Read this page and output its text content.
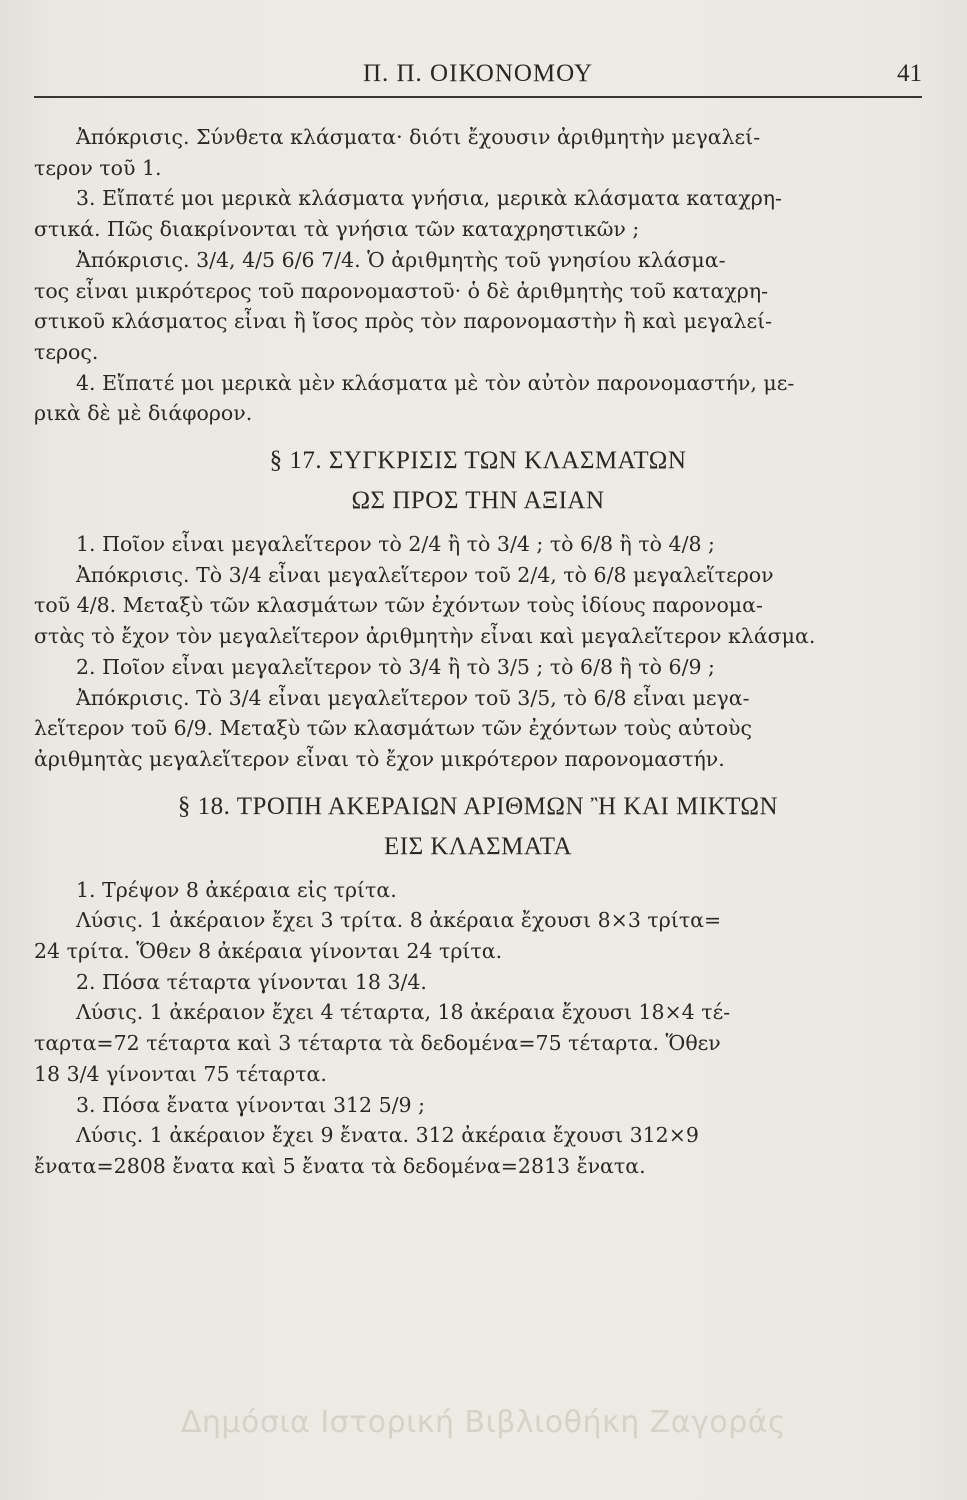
Π. Π. ΟΙΚΟΝΟΜΟΥ	41

Ἀπόκρισις. Σύνθετα κλάσματα· διότι ἔχουσιν ἀριθμητὴν μεγαλεί-

τερον τοῦ 1.

3. Εἴπατέ μοι μερικὰ κλάσματα γνήσια, μερικὰ κλάσματα καταχρη-

στικά. Πῶς διακρίνονται τὰ γνήσια τῶν καταχρηστικῶν ;

Ἀπόκρισις. 3/4, 4/5 6/6 7/4. Ὁ ἀριθμητὴς τοῦ γνησίου κλάσμα-

τος εἶναι μικρότερος τοῦ παρονομαστοῦ· ὁ δὲ ἀριθμητὴς τοῦ καταχρη-

στικοῦ κλάσματος εἶναι ἢ ἴσος πρὸς τὸν παρονομαστὴν ἢ καὶ μεγαλεί-

τερος.

4. Εἴπατέ μοι μερικὰ μὲν κλάσματα μὲ τὸν αὐτὸν παρονομαστήν, με-

ρικὰ δὲ μὲ διάφορον.

§ 17. ΣΥΓΚΡΙΣΙΣ ΤΩΝ ΚΛΑΣΜΑΤΩΝ

ΩΣ ΠΡΟΣ ΤΗΝ ΑΞΙΑΝ

1. Ποῖον εἶναι μεγαλεἵτερον τὸ 2/4 ἢ τὸ 3/4 ; τὸ 6/8 ἢ τὸ 4/8 ;

Ἀπόκρισις. Τὸ 3/4 εἶναι μεγαλεἵτερον τοῦ 2/4, τὸ 6/8 μεγαλεἵτερον

τοῦ 4/8. Μεταξὺ τῶν κλασμάτων τῶν ἐχόντων τοὺς ἰδίους παρονομα-

στὰς τὸ ἔχον τὸν μεγαλεἵτερον ἀριθμητὴν εἶναι καὶ μεγαλεἵτερον κλάσμα.

2. Ποῖον εἶναι μεγαλεἵτερον τὸ 3/4 ἢ τὸ 3/5 ; τὸ 6/8 ἢ τὸ 6/9 ;

Ἀπόκρισις. Τὸ 3/4 εἶναι μεγαλεἵτερον τοῦ 3/5, τὸ 6/8 εἶναι μεγα-

λεἵτερον τοῦ 6/9. Μεταξὺ τῶν κλασμάτων τῶν ἐχόντων τοὺς αὐτοὺς

ἀριθμητὰς μεγαλεἵτερον εἶναι τὸ ἔχον μικρότερον παρονομαστήν.

§ 18. ΤΡΟΠΗ ΑΚΕΡΑΙΩΝ ΑΡΙΘΜΩΝ Ἢ ΚΑΙ ΜΙΚΤΩΝ

ΕΙΣ ΚΛΑΣΜΑΤΑ

1. Τρέψον 8 ἀκέραια εἰς τρίτα.

Λύσις. 1 ἀκέραιον ἔχει 3 τρίτα. 8 ἀκέραια ἔχουσι 8×3 τρίτα=

24 τρίτα. Ὅθεν 8 ἀκέραια γίνονται 24 τρίτα.

2. Πόσα τέταρτα γίνονται 18 3/4.

Λύσις. 1 ἀκέραιον ἔχει 4 τέταρτα, 18 ἀκέραια ἔχουσι 18×4 τέ-

ταρτα=72 τέταρτα καὶ 3 τέταρτα τὰ δεδομένα=75 τέταρτα. Ὅθεν

18 3/4 γίνονται 75 τέταρτα.

3. Πόσα ἔνατα γίνονται 312 5/9 ;

Λύσις. 1 ἀκέραιον ἔχει 9 ἔνατα. 312 ἀκέραια ἔχουσι 312×9

ἔνατα=2808 ἔνατα καὶ 5 ἔνατα τὰ δεδομένα=2813 ἔνατα.

Δημόσια Ιστορική Βιβλιοθήκη Ζαγοράς
